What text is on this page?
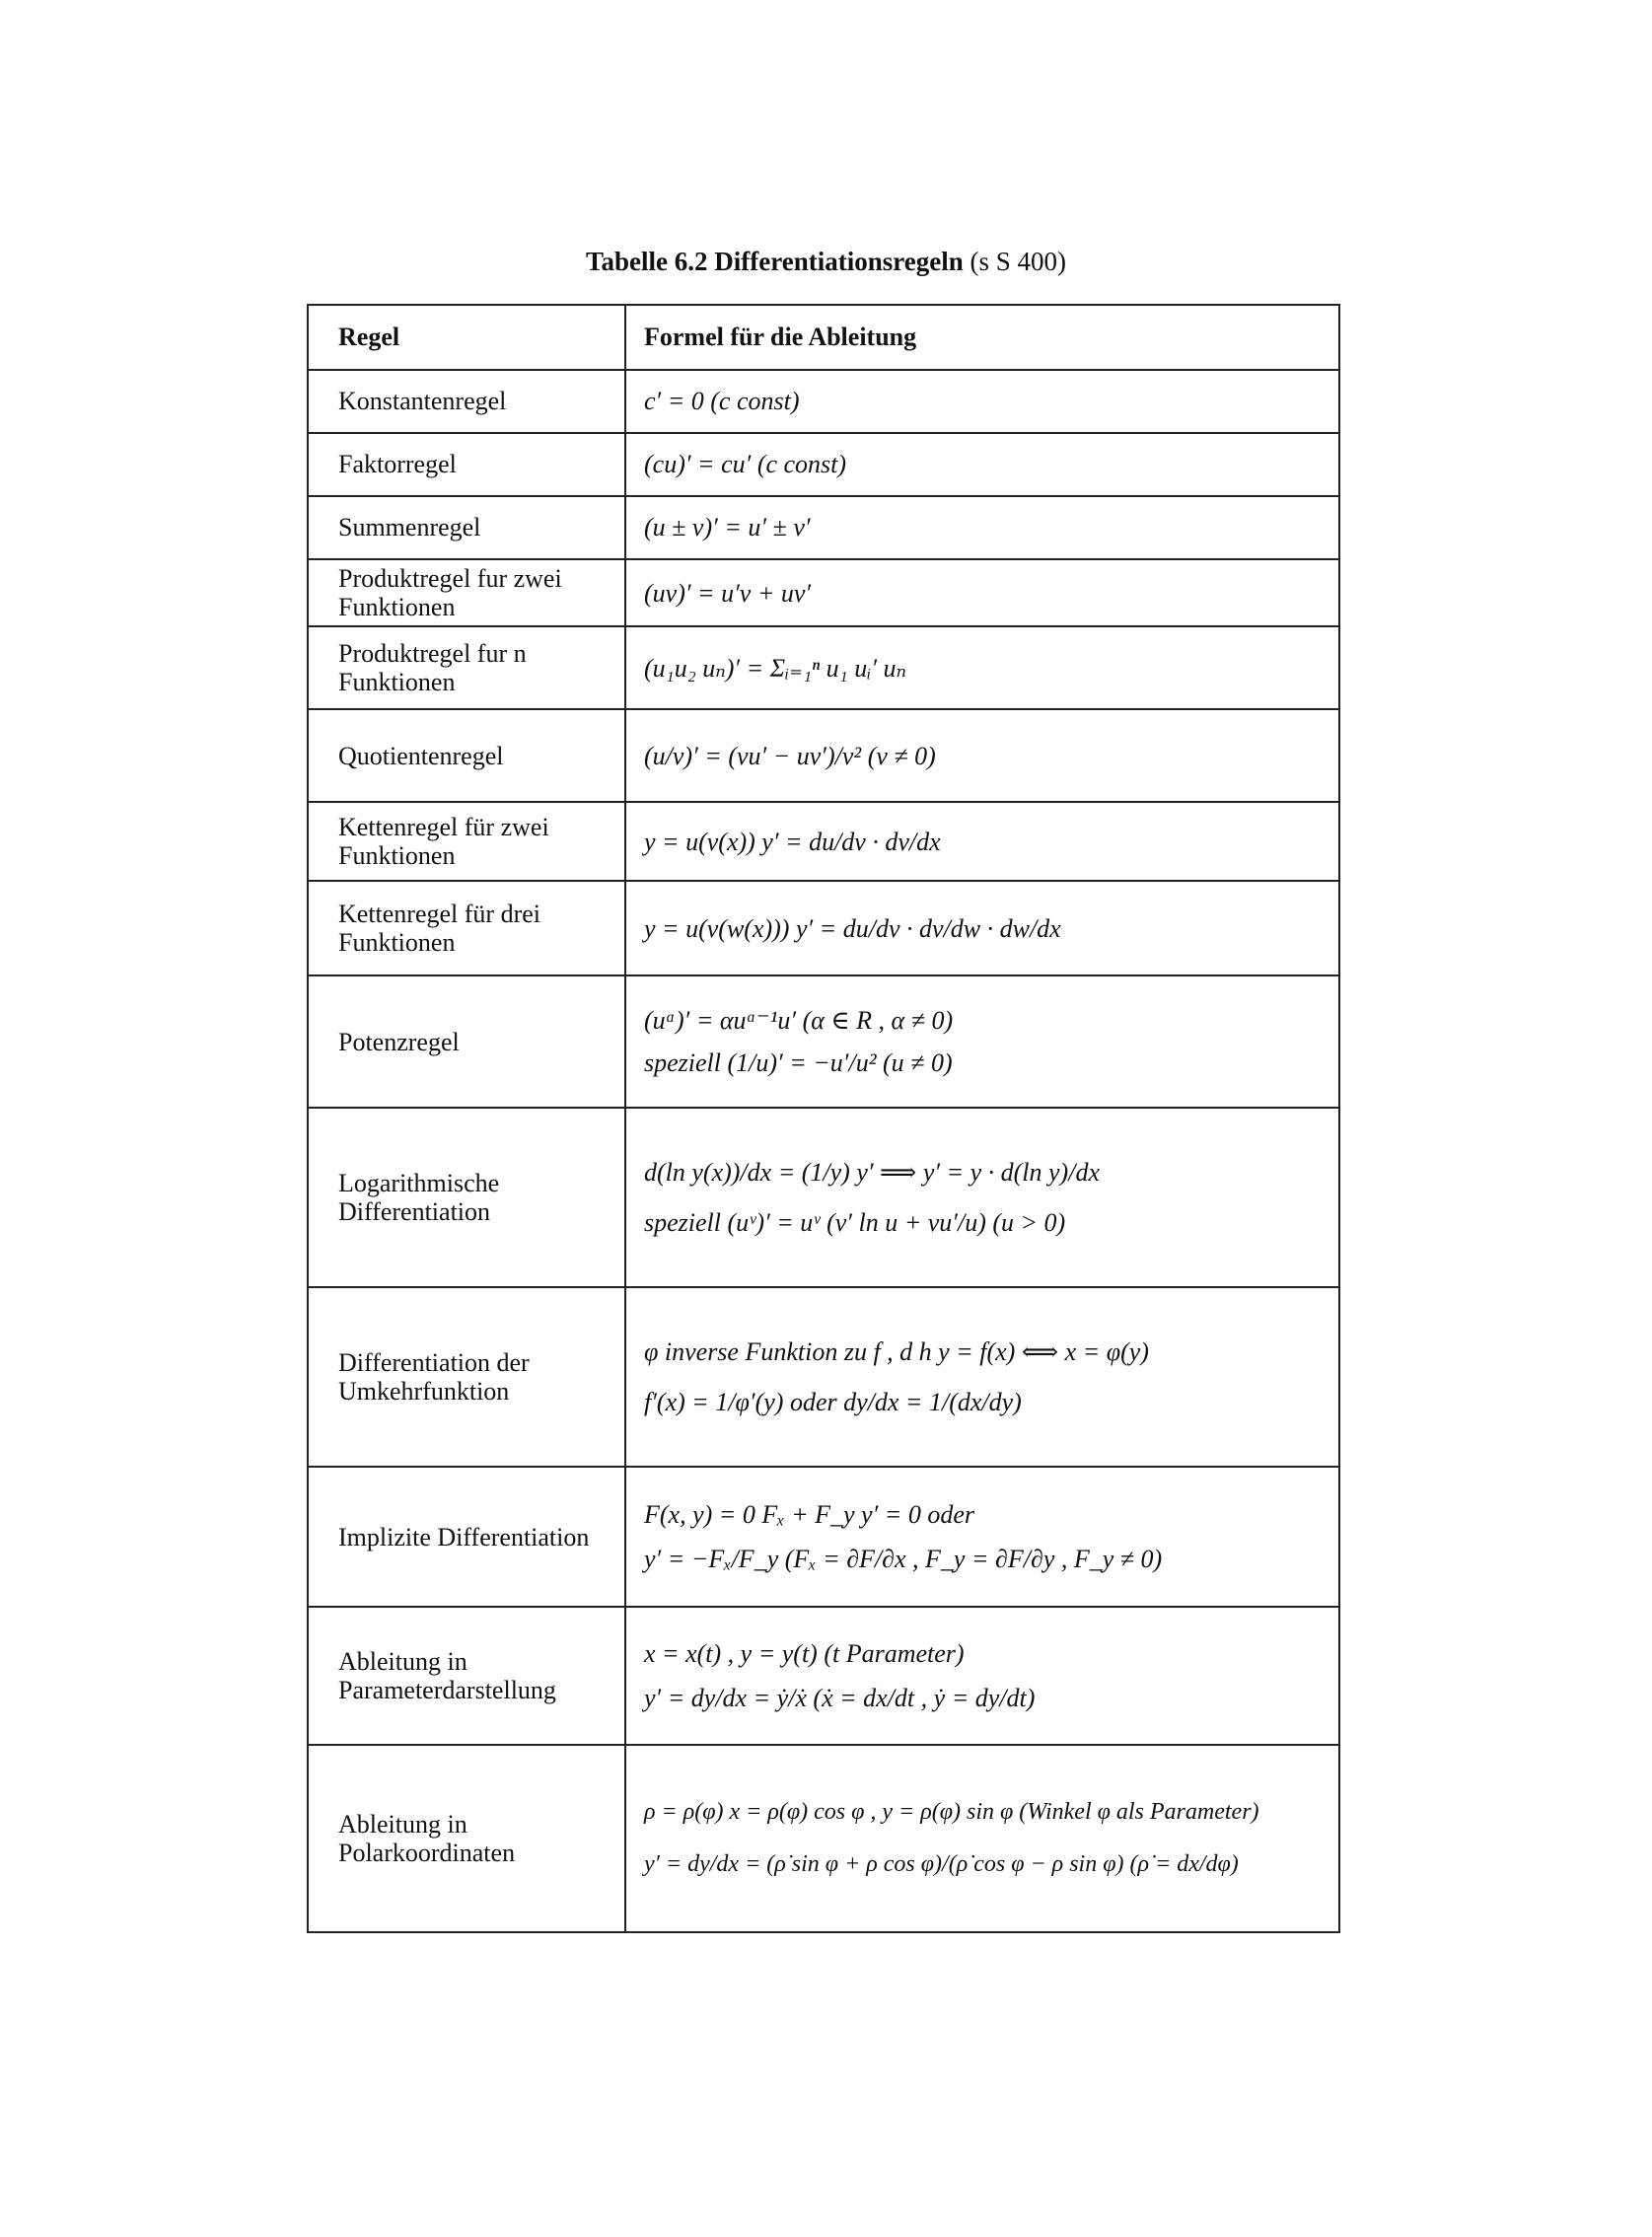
Tabelle 6.2 Differentiationsregeln (s S 400)
Regel	Formel für die Ableitung
Konstantenregel	c′ = 0 (c const)

Faktorregel	(cu)′ = cu′ (c const)

Summenregel	(u ± v)′ = u′ ± v′

Produktregel fur zwei Funktionen	(uv)′ = u′v + uv′

Produktregel fur n Funktionen	(u₁u₂ uₙ)′ = Σᵢ₌₁ⁿ u₁ uᵢ′ uₙ

Quotientenregel	(u/v)′ = (vu′ − uv′)/v² (v ≠ 0)

Kettenregel für zwei Funktionen	y = u(v(x)) y′ = du/dv · dv/dx

Kettenregel für drei Funktionen	y = u(v(w(x))) y′ = du/dv · dv/dw · dw/dx

Potenzregel	(uᵅ)′ = αuᵅ⁻¹u′ (α ∈ R , α ≠ 0)
speziell (1/u)′ = −u′/u² (u ≠ 0)

Logarithmische Differentiation	d(ln y(x))/dx = (1/y) y′ ⟹ y′ = y · d(ln y)/dx
speziell (uᵛ)′ = uᵛ (v′ ln u + vu′/u) (u > 0)

Differentiation der Umkehrfunktion	φ inverse Funktion zu f , d h y = f(x) ⟺ x = φ(y)
f′(x) = 1/φ′(y) oder dy/dx = 1/(dx/dy)

Implizite Differentiation	F(x, y) = 0 Fₓ + F_y y′ = 0 oder
y′ = −Fₓ/F_y (Fₓ = ∂F/∂x , F_y = ∂F/∂y , F_y ≠ 0)

Ableitung in Parameterdarstellung	x = x(t) , y = y(t) (t Parameter)
y′ = dy/dx = ẏ/ẋ (ẋ = dx/dt , ẏ = dy/dt)

Ableitung in Polarkoordinaten	ρ = ρ(φ) x = ρ(φ) cos φ , y = ρ(φ) sin φ (Winkel φ als Parameter)
y′ = dy/dx = (ρ̇ sin φ + ρ cos φ)/(ρ̇ cos φ − ρ sin φ) (ρ̇ = dx/dφ)
